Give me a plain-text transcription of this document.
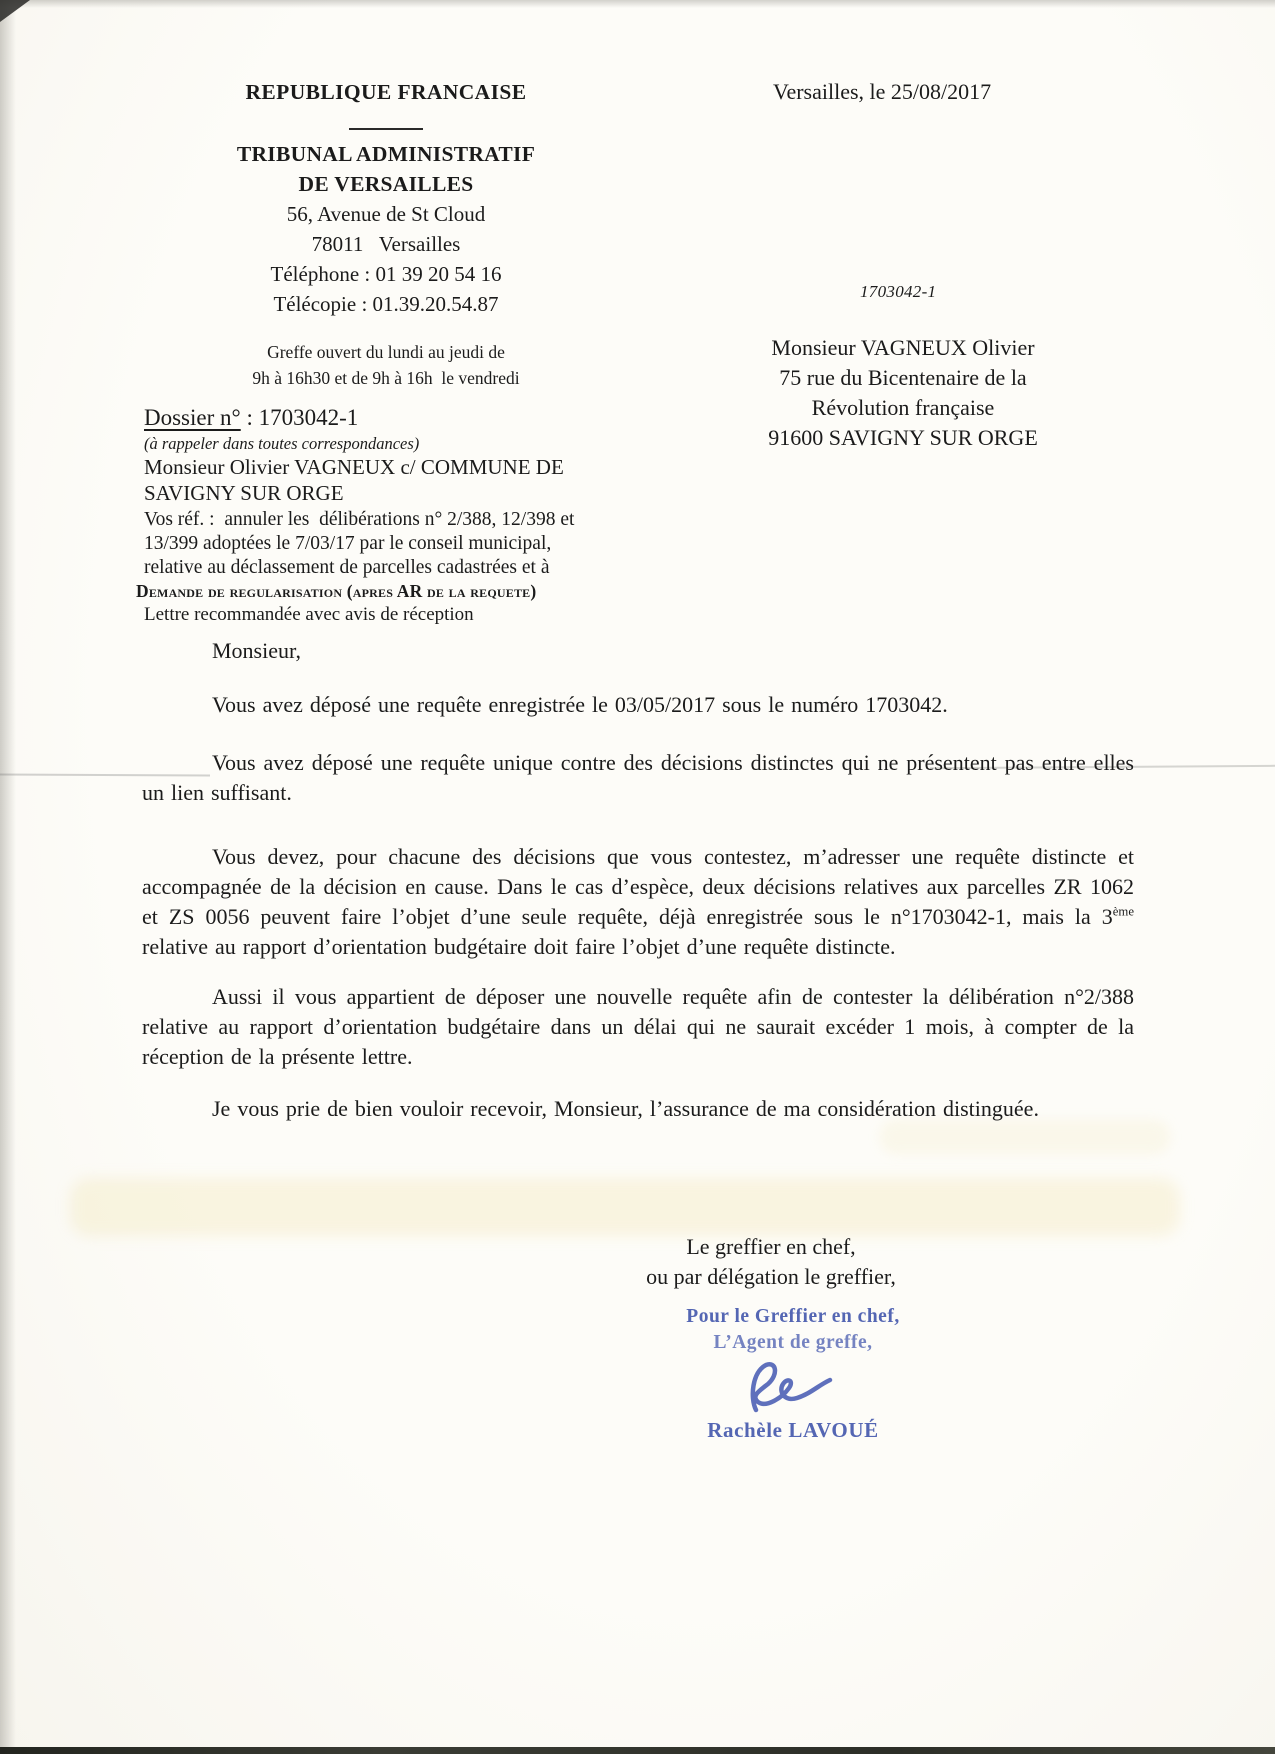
REPUBLIQUE FRANCAISE
TRIBUNAL ADMINISTRATIF
DE VERSAILLES
56, Avenue de St Cloud
78011   Versailles
Téléphone : 01 39 20 54 16
Télécopie : 01.39.20.54.87
Greffe ouvert du lundi au jeudi de
9h à 16h30 et de 9h à 16h  le vendredi
Versailles, le 25/08/2017
1703042-1
Monsieur VAGNEUX Olivier
75 rue du Bicentenaire de la
Révolution française
91600 SAVIGNY SUR ORGE
Dossier n° : 1703042-1
(à rappeler dans toutes correspondances)
Monsieur Olivier VAGNEUX c/ COMMUNE DE
SAVIGNY SUR ORGE
Vos réf. :  annuler les  délibérations n° 2/388, 12/398 et
13/399 adoptées le 7/03/17 par le conseil municipal,
relative au déclassement de parcelles cadastrées et à
Demande de regularisation (apres AR de la requete)
Lettre recommandée avec avis de réception

Monsieur,

Vous avez déposé une requête enregistrée le 03/05/2017 sous le numéro 1703042.

Vous avez déposé une requête unique contre des décisions distinctes qui ne présentent pas entre elles un lien suffisant.

Vous devez, pour chacune des décisions que vous contestez, m’adresser une requête distincte et accompagnée de la décision en cause. Dans le cas d’espèce, deux décisions relatives aux parcelles ZR 1062 et ZS 0056 peuvent faire l’objet d’une seule requête, déjà enregistrée sous le n°1703042-1, mais la 3ème  relative au rapport d’orientation budgétaire doit faire l’objet d’une requête distincte.

Aussi il vous appartient de déposer une nouvelle requête afin de contester la délibération n°2/388 relative au rapport d’orientation budgétaire dans un délai qui ne saurait excéder 1 mois, à compter de la réception de la présente lettre.

Je vous prie de bien vouloir recevoir, Monsieur, l’assurance de ma considération distinguée.

Le greffier en chef,
ou par délégation le greffier,
Pour le Greffier en chef,
L’Agent de greffe,
Rachèle LAVOUÉ
